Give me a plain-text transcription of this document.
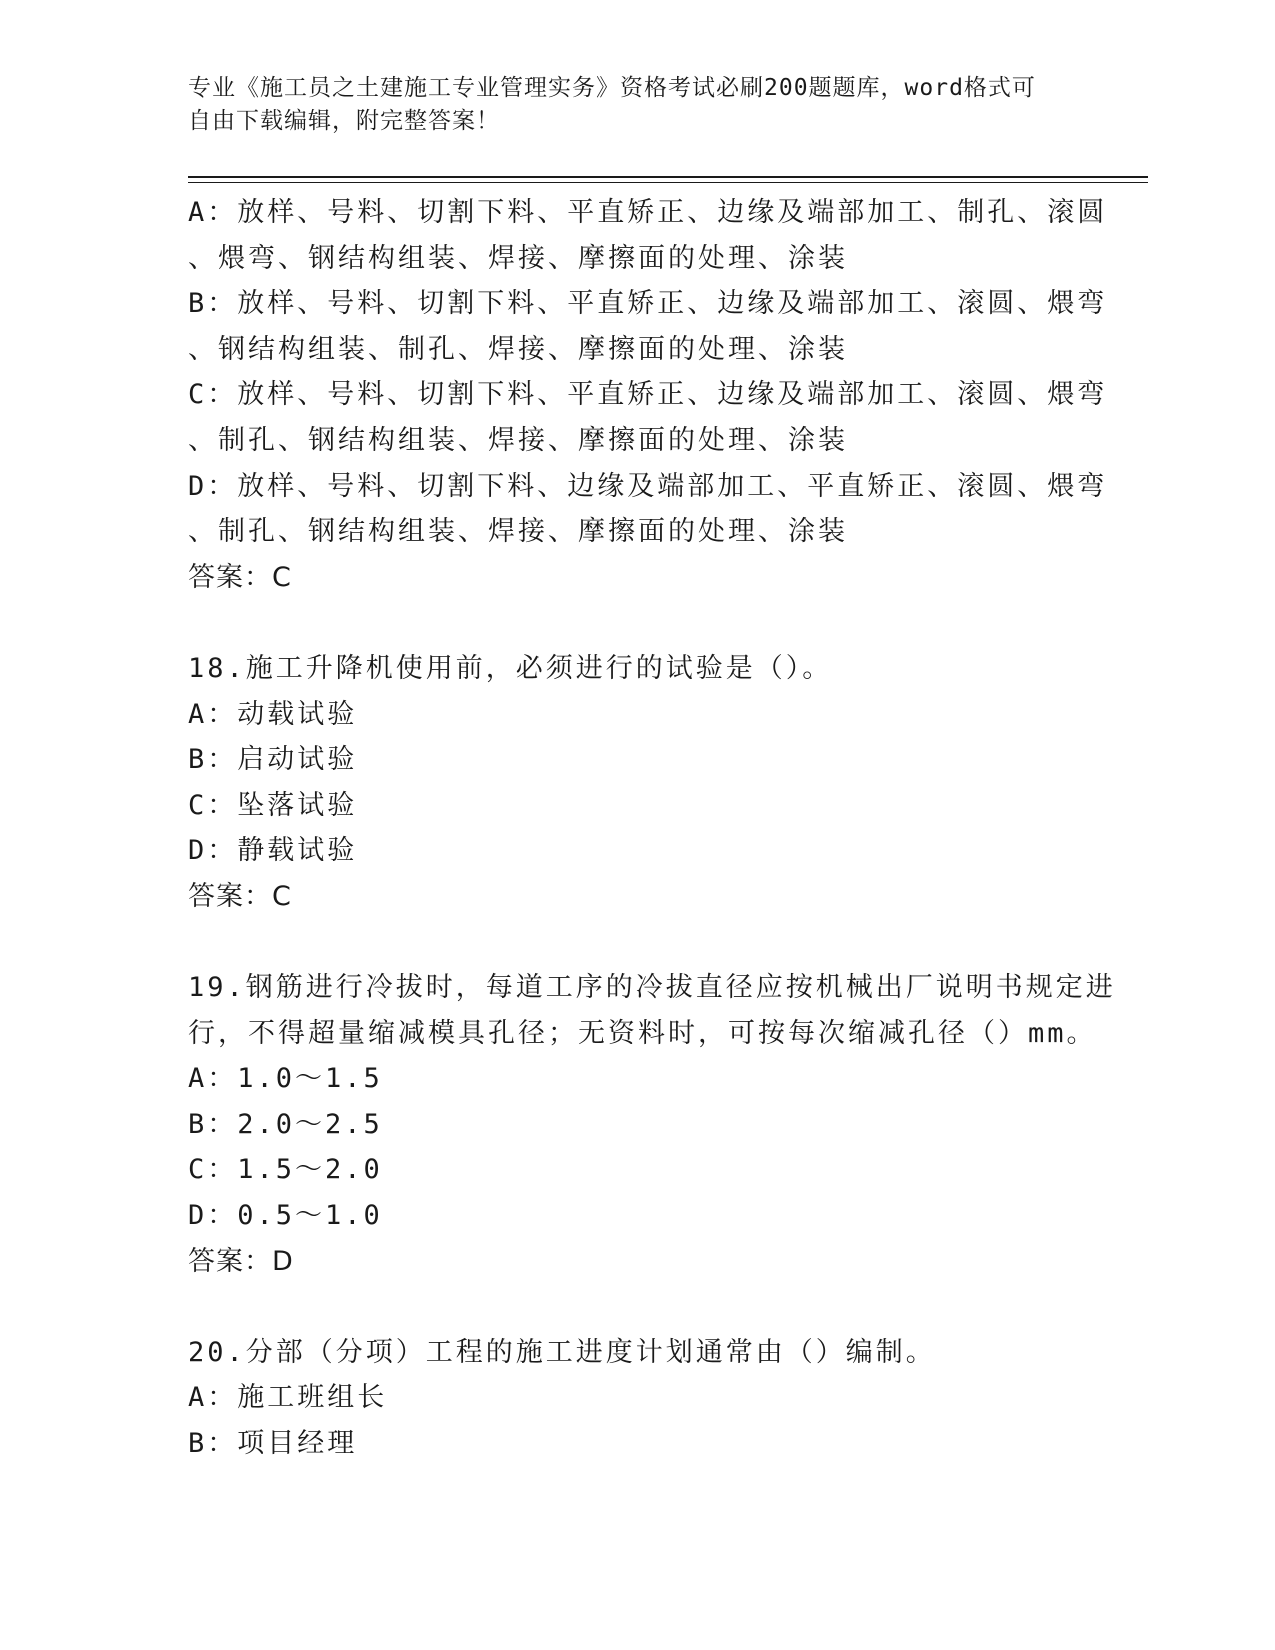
专业《施工员之土建施工专业管理实务》资格考试必刷200题题库，word格式可
自由下载编辑，附完整答案！
A：放样、号料、切割下料、平直矫正、边缘及端部加工、制孔、滚圆
、煨弯、钢结构组装、焊接、摩擦面的处理、涂装
B：放样、号料、切割下料、平直矫正、边缘及端部加工、滚圆、煨弯
、钢结构组装、制孔、焊接、摩擦面的处理、涂装
C：放样、号料、切割下料、平直矫正、边缘及端部加工、滚圆、煨弯
、制孔、钢结构组装、焊接、摩擦面的处理、涂装
D：放样、号料、切割下料、边缘及端部加工、平直矫正、滚圆、煨弯
、制孔、钢结构组装、焊接、摩擦面的处理、涂装
答案：C
18.施工升降机使用前，必须进行的试验是（）。
A：动载试验
B：启动试验
C：坠落试验
D：静载试验
答案：C
19.钢筋进行冷拔时，每道工序的冷拔直径应按机械出厂说明书规定进
行，不得超量缩减模具孔径；无资料时，可按每次缩减孔径（）mm。
A：1.0～1.5
B：2.0～2.5
C：1.5～2.0
D：0.5～1.0
答案：D
20.分部（分项）工程的施工进度计划通常由（）编制。
A：施工班组长
B：项目经理
